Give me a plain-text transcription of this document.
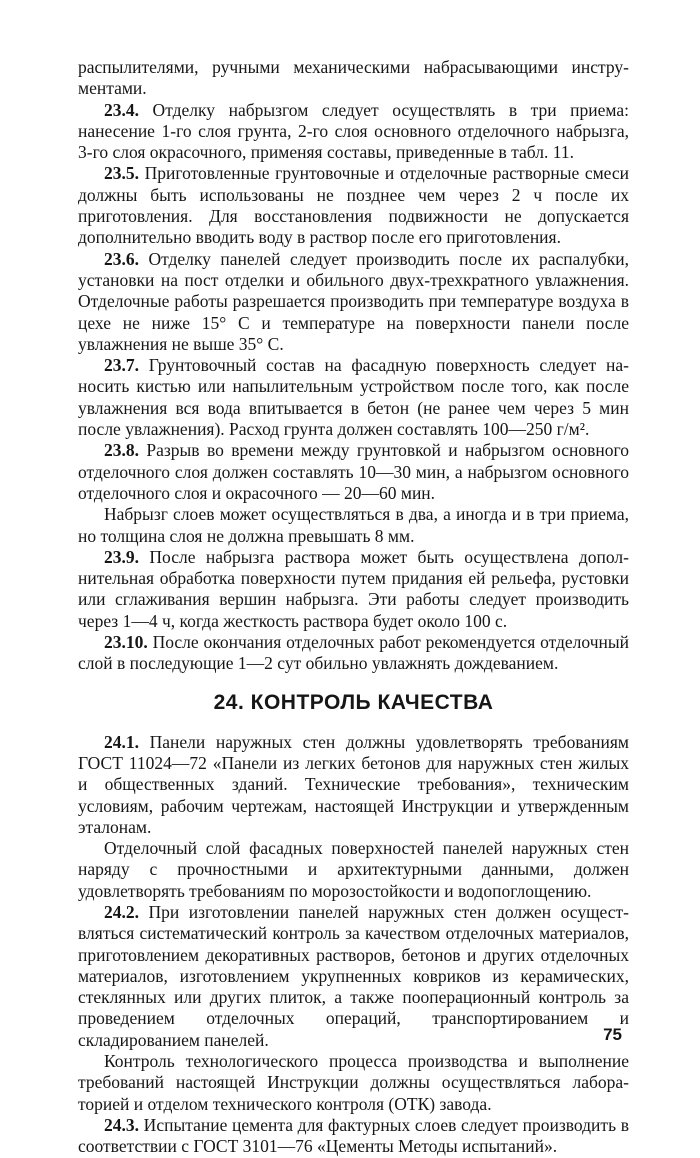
распылителями, ручными механическими набрасывающими инструментами.

23.4. Отделку набрызгом следует осуществлять в три приема: нанесение 1-го слоя грунта, 2-го слоя основного отделочного набрызга, 3-го слоя окрасочного, применяя составы, приведенные в табл. 11.

23.5. Приготовленные грунтовочные и отделочные растворные смеси должны быть использованы не позднее чем через 2 ч после их приготовления. Для восстановления подвижности не допускается дополнительно вводить воду в раствор после его приготовления.

23.6. Отделку панелей следует производить после их распалубки, установки на пост отделки и обильного двух-трехкратного увлажнения. Отделочные работы разрешается производить при температуре воздуха в цехе не ниже 15° С и температуре на поверхности панели после увлажнения не выше 35° С.

23.7. Грунтовочный состав на фасадную поверхность следует наносить кистью или напылительным устройством после того, как после увлажнения вся вода впитывается в бетон (не ранее чем через 5 мин после увлажнения). Расход грунта должен составлять 100—250 г/м².

23.8. Разрыв во времени между грунтовкой и набрызгом основного отделочного слоя должен составлять 10—30 мин, а набрызгом основного отделочного слоя и окрасочного — 20—60 мин.

Набрызг слоев может осуществляться в два, а иногда и в три приема, но толщина слоя не должна превышать 8 мм.

23.9. После набрызга раствора может быть осуществлена дополнительная обработка поверхности путем придания ей рельефа, рустовки или сглаживания вершин набрызга. Эти работы следует производить через 1—4 ч, когда жесткость раствора будет около 100 с.

23.10. После окончания отделочных работ рекомендуется отделочный слой в последующие 1—2 сут обильно увлажнять дождеванием.

24. КОНТРОЛЬ КАЧЕСТВА

24.1. Панели наружных стен должны удовлетворять требованиям ГОСТ 11024—72 «Панели из легких бетонов для наружных стен жилых и общественных зданий. Технические требования», техническим условиям, рабочим чертежам, настоящей Инструкции и утвержденным эталонам.

Отделочный слой фасадных поверхностей панелей наружных стен наряду с прочностными и архитектурными данными, должен удовлетворять требованиям по морозостойкости и водопоглощению.

24.2. При изготовлении панелей наружных стен должен осуществляться систематический контроль за качеством отделочных материалов, приготовлением декоративных растворов, бетонов и других отделочных материалов, изготовлением укрупненных ковриков из керамических, стеклянных или других плиток, а также пооперационный контроль за проведением отделочных операций, транспортированием и складированием панелей.

Контроль технологического процесса производства и выполнение требований настоящей Инструкции должны осуществляться лабораторией и отделом технического контроля (ОТК) завода.

24.3. Испытание цемента для фактурных слоев следует производить в соответствии с ГОСТ 3101—76 «Цементы Методы испытаний».

75
